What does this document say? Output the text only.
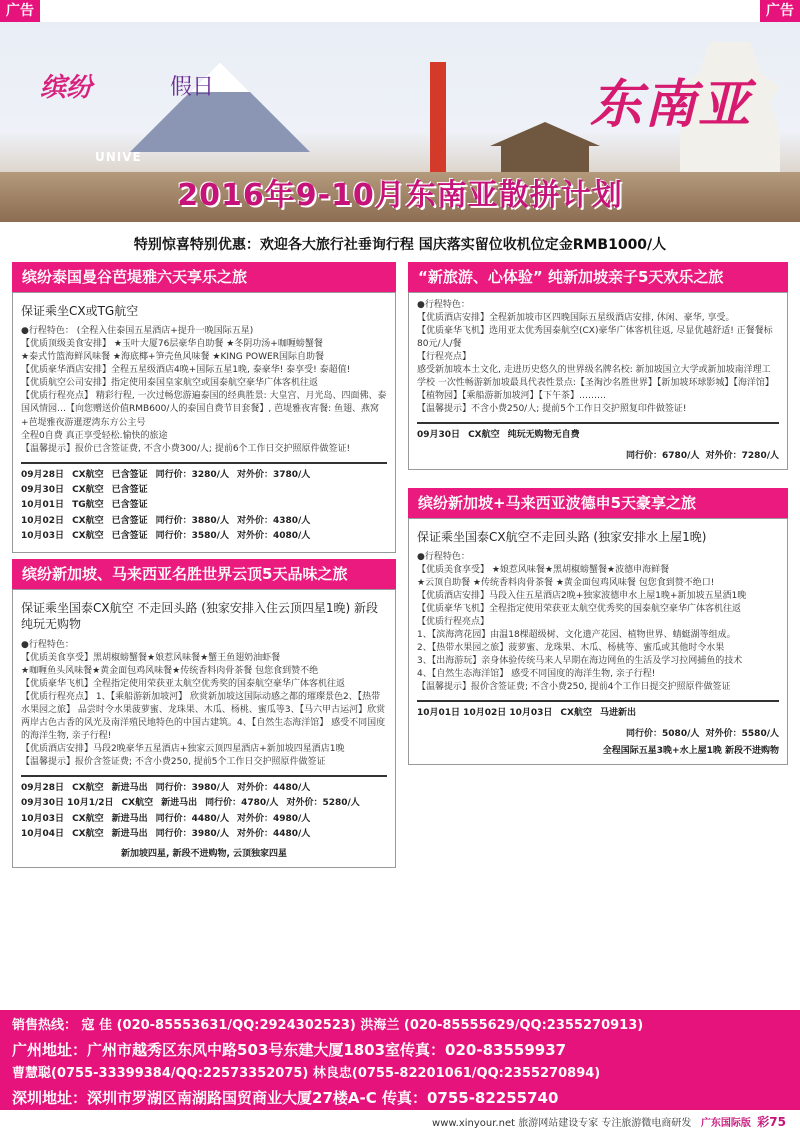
广告	广告
缤纷	假日	东南亚
UNIVE
2016年9-10月东南亚散拼计划
特别惊喜特别优惠：欢迎各大旅行社垂询行程 国庆落实留位收机位定金RMB1000/人
缤纷泰国曼谷芭堤雅六天享乐之旅
保证乘坐CX或TG航空

●行程特色： (全程入住泰国五星酒店+提升一晚国际五星)

【优质顶级美食安排】 ★玉叶大厦76层豪华自助餐 ★冬阴功汤+咖喱螃蟹餐

★泰式竹篮海鲜风味餐 ★海底椰+笋壳鱼风味餐 ★KING POWER国际自助餐

【优质豪华酒店安排】全程五星级酒店4晚+国际五星1晚, 泰豪华! 泰享受! 泰超值!

【优质航空公司安排】指定使用泰国皇家航空或国泰航空豪华广体客机往返

【优质行程亮点】 精彩行程, 一次过畅您游遍泰国的经典胜景: 大皇宫、月光岛、四面佛、泰国风情园…【向您赠送价值RMB600/人的泰国自费节目套餐】, 芭堤雅夜宵餐: 鱼翅、燕窝+芭堤雅夜游暹逻湾东方公主号

全程0自费 真正享受轻松.愉快的旅途

【温馨提示】报价已含签证费, 不含小费300/人; 提前6个工作日交护照原件做签证!

09月28日 CX航空 已含签证 同行价：3280/人 对外价：3780/人
09月30日 CX航空 已含签证
10月01日 TG航空 已含签证
10月02日 CX航空 已含签证 同行价：3880/人 对外价：4380/人
10月03日 CX航空 已含签证 同行价：3580/人 对外价：4080/人
缤纷新加坡、马来西亚名胜世界云顶5天品味之旅
保证乘坐国泰CX航空 不走回头路 (独家安排入住云顶四星1晚) 新段纯玩无购物

●行程特色：

【优质美食享受】黑胡椒螃蟹餐★娘惹风味餐★蟹王鱼翅奶油虾餐

★咖喱鱼头风味餐★黄金面包鸡风味餐★传统香料肉骨茶餐 包您食到赞不绝

【优质豪华飞机】全程指定使用荣获亚太航空优秀奖的国泰航空豪华广体客机往返

【优质行程亮点】 1、【乘船游新加坡河】 欣赏新加坡这国际动感之都的璀璨景色2、【热带水果园之旅】 品尝时令水果菠萝蜜、龙珠果、木瓜、杨桃、蜜瓜等3、【马六甲古运河】欣赏两岸古色古香的风光及南洋殖民地特色的中国古建筑。4、【自然生态海洋馆】 感受不同国度的海洋生物, 亲子行程!

【优质酒店安排】马段2晚豪华五星酒店+独家云顶四星酒店+新加坡四星酒店1晚

【温馨提示】报价含签证费; 不含小费250, 提前5个工作日交护照原件做签证

09月28日 CX航空 新进马出 同行价：3980/人 对外价：4480/人
09月30日 10月1/2日 CX航空 新进马出 同行价：4780/人 对外价：5280/人
10月03日 CX航空 新进马出 同行价：4480/人 对外价：4980/人
10月04日 CX航空 新进马出 同行价：3980/人 对外价：4480/人
新加坡四星, 新段不进购物, 云顶独家四星
“新旅游、心体验” 纯新加坡亲子5天欢乐之旅

●行程特色：

【优质酒店安排】全程新加坡市区四晚国际五星级酒店安排, 休闲、豪华, 享受。

【优质豪华飞机】选用亚太优秀国泰航空(CX)豪华广体客机往返, 尽显优越舒适! 正餐餐标80元/人/餐

【行程亮点】

感受新加坡本土文化, 走进历史悠久的世界级名牌名校: 新加坡国立大学或新加坡南洋理工学校 一次性畅游新加坡最具代表性景点:【圣淘沙名胜世界】【新加坡环球影城】【海洋馆】【植物园】【乘船游新加坡河】【下午茶】………

【温馨提示】不含小费250/人; 提前5个工作日交护照复印件做签证!

09月30日 CX航空 纯玩无购物无自费
同行价：6780/人 对外价：7280/人
缤纷新加坡+马来西亚波德申5天豪享之旅
保证乘坐国泰CX航空不走回头路 (独家安排水上屋1晚)

●行程特色：

【优质美食享受】 ★娘惹风味餐★黑胡椒螃蟹餐★波德申海鲜餐

★云顶自助餐 ★传统香料肉骨茶餐 ★黄金面包鸡风味餐 包您食到赞不绝口!

【优质酒店安排】马段入住五星酒店2晚+独家波德申水上屋1晚+新加坡五星酒1晚

【优质豪华飞机】全程指定使用荣获亚太航空优秀奖的国泰航空豪华广体客机往返

【优质行程亮点】

1、【滨海湾花园】由温18棵超级树、文化遗产花园、植物世界、蜻蜓湖等组成。

2、【热带水果园之旅】菠萝蜜、龙珠果、木瓜、杨桃等、蜜瓜或其他时令水果

3、【出海游玩】亲身体验传统马来人早期在海边网鱼的生活及学习拉网捕鱼的技术

4、【自然生态海洋馆】 感受不同国度的海洋生物, 亲子行程!

【温馨提示】报价含签证费; 不含小费250, 提前4个工作日提交护照原件做签证

10月01日 10月02日 10月03日 CX航空 马进新出
同行价：5080/人 对外价：5580/人
全程国际五星3晚+水上屋1晚 新段不进购物
销售热线： 寇 佳 (020-85553631/QQ:2924302523) 洪海兰 (020-85555629/QQ:2355270913)
广州地址：广州市越秀区东风中路503号东建大厦1803室传真：020-83559937
曹慧聪(0755-33399384/QQ:22573352075) 林良忠(0755-82201061/QQ:2355270894)
深圳地址：深圳市罗湖区南湖路国贸商业大厦27楼A-C 传真：0755-82255740
www.xinyour.net 旅游网站建设专家 专注旅游微电商研发 广东国际版 彩75
